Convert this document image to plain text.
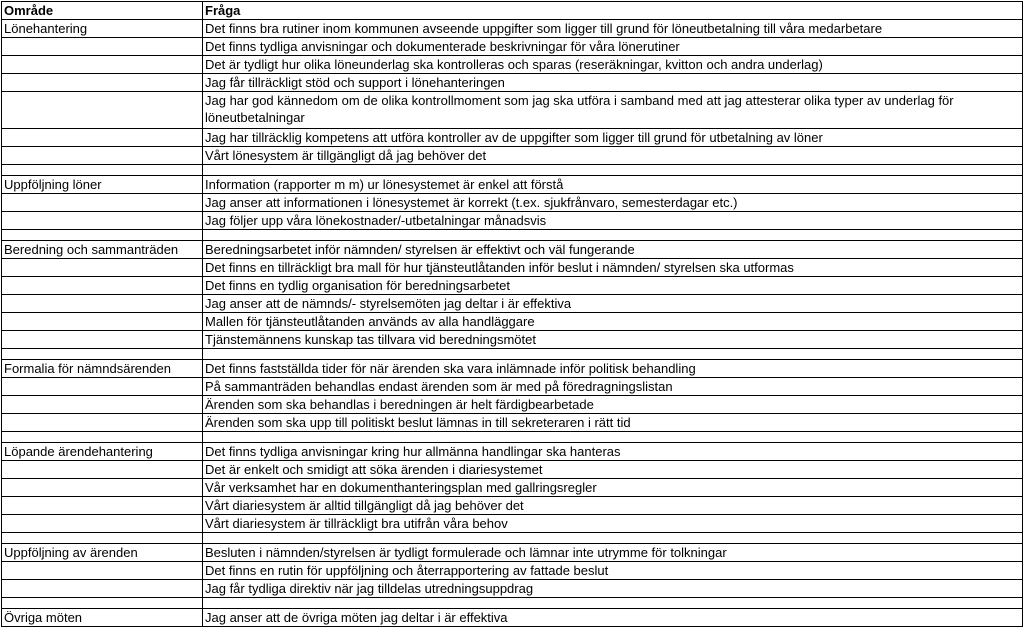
Område	Fråga
Lönehantering	Det finns bra rutiner inom kommunen avseende uppgifter som ligger till grund för löneutbetalning till våra medarbetare
	Det finns tydliga anvisningar och dokumenterade beskrivningar för våra lönerutiner
	Det är tydligt hur olika löneunderlag ska kontrolleras och sparas (reseräkningar, kvitton och andra underlag)
	Jag får tillräckligt stöd och support i lönehanteringen
	Jag har god kännedom om de olika kontrollmoment som jag ska utföra i samband med att jag attesterar olika typer av underlag för löneutbetalningar
	Jag har tillräcklig kompetens att utföra kontroller av de uppgifter som ligger till grund för utbetalning av löner
	Vårt lönesystem är tillgängligt då jag behöver det

Uppföljning löner	Information (rapporter m m) ur lönesystemet är enkel att förstå
	Jag anser att informationen i lönesystemet är korrekt (t.ex. sjukfrånvaro, semesterdagar etc.)
	Jag följer upp våra lönekostnader/-utbetalningar månadsvis

Beredning och sammanträden	Beredningsarbetet inför nämnden/ styrelsen är effektivt och väl fungerande
	Det finns en tillräckligt bra mall för hur tjänsteutlåtanden inför beslut i nämnden/ styrelsen ska utformas
	Det finns en tydlig organisation för beredningsarbetet
	Jag anser att de nämnds/- styrelsemöten jag deltar i är effektiva
	Mallen för tjänsteutlåtanden används av alla handläggare
	Tjänstemännens kunskap tas tillvara vid beredningsmötet

Formalia för nämndsärenden	Det finns fastställda tider för när ärenden ska vara inlämnade inför politisk behandling
	På sammanträden behandlas endast ärenden som är med på föredragningslistan
	Ärenden som ska behandlas i beredningen är helt färdigbearbetade
	Ärenden som ska upp till politiskt beslut lämnas in till sekreteraren i rätt tid

Löpande ärendehantering	Det finns tydliga anvisningar kring hur allmänna handlingar ska hanteras
	Det är enkelt och smidigt att söka ärenden i diariesystemet
	Vår verksamhet har en dokumenthanteringsplan med gallringsregler
	Vårt diariesystem är alltid tillgängligt då jag behöver det
	Vårt diariesystem är tillräckligt bra utifrån våra behov

Uppföljning av ärenden	Besluten i nämnden/styrelsen är tydligt formulerade och lämnar inte utrymme för tolkningar
	Det finns en rutin för uppföljning och återrapportering av fattade beslut
	Jag får tydliga direktiv när jag tilldelas utredningsuppdrag

Övriga möten	Jag anser att de övriga möten jag deltar i är effektiva
